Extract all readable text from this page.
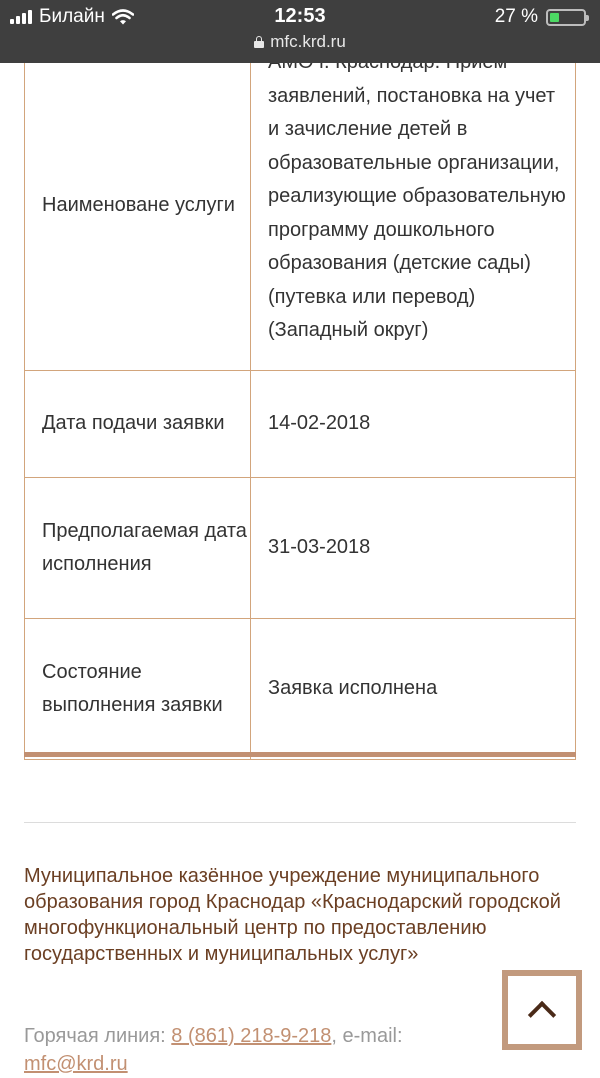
Билайн	12:53	27 %
mfc.krd.ru
Наименоване услуги	заявлений, постановка на учет и зачисление детей в образовательные организации, реализующие образовательную программу дошкольного образования (детские сады) (путевка или перевод) (Западный округ)
Дата подачи заявки	14-02-2018
Предполагаемая дата исполнения	31-03-2018
Состояние выполнения заявки	Заявка исполнена

Муниципальное казённое учреждение муниципального образования город Краснодар «Краснодарский городской многофункциональный центр по предоставлению государственных и муниципальных услуг»

Горячая линия: 8 (861) 218-9-218, e-mail: mfc@krd.ru
